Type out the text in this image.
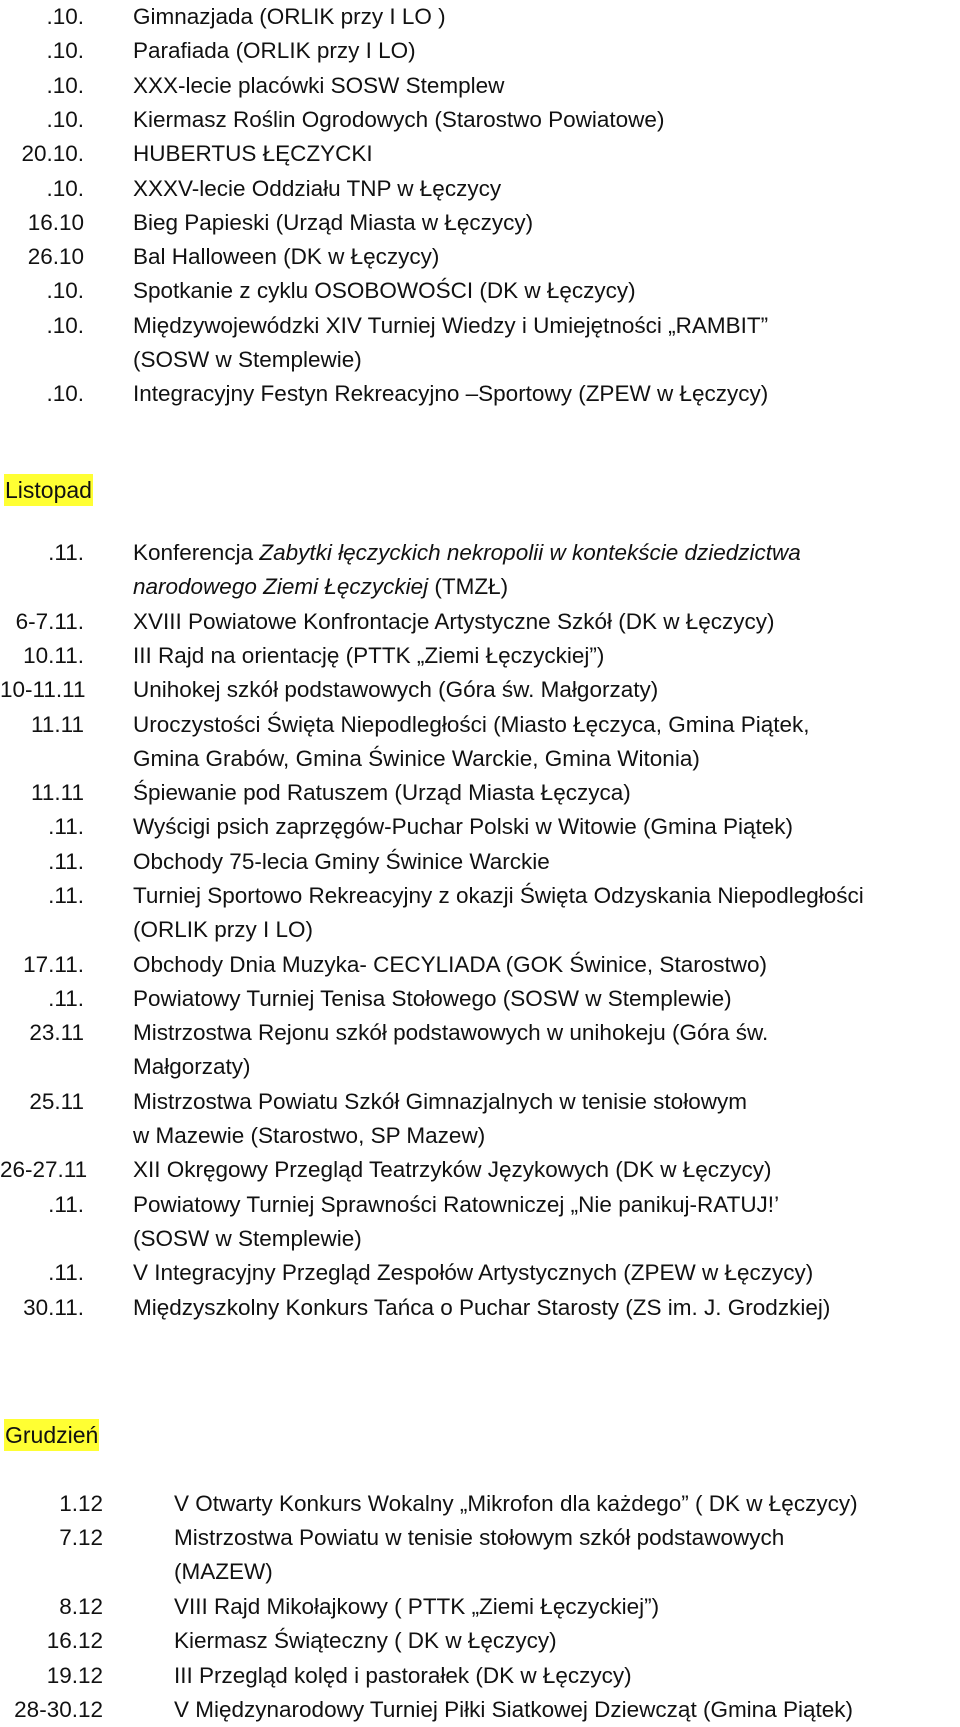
.10. Gimnazjada (ORLIK przy I LO )
.10. Parafiada (ORLIK przy I LO)
.10. XXX-lecie placówki SOSW Stemplew
.10. Kiermasz Roślin Ogrodowych (Starostwo Powiatowe)
20.10. HUBERTUS ŁĘCZYCKI
.10. XXXV-lecie Oddziału TNP w Łęczycy
16.10 Bieg Papieski (Urząd Miasta w Łęczycy)
26.10 Bal Halloween (DK w Łęczycy)
.10. Spotkanie z cyklu OSOBOWOŚCI (DK w Łęczycy)
.10. Międzywojewódzki XIV Turniej Wiedzy i Umiejętności „RAMBIT”
(SOSW w Stemplewie)
.10. Integracyjny Festyn Rekreacyjno –Sportowy (ZPEW w Łęczycy)
Listopad
.11. Konferencja Zabytki łęczyckich nekropolii w kontekście dziedzictwa
narodowego Ziemi Łęczyckiej (TMZŁ)
6-7.11. XVIII Powiatowe Konfrontacje Artystyczne Szkół (DK w Łęczycy)
10.11. III Rajd na orientację (PTTK „Ziemi Łęczyckiej”)
10-11.11 Unihokej szkół podstawowych (Góra św. Małgorzaty)
11.11 Uroczystości Święta Niepodległości (Miasto Łęczyca, Gmina Piątek,
Gmina Grabów, Gmina Świnice Warckie, Gmina Witonia)
11.11 Śpiewanie pod Ratuszem (Urząd Miasta Łęczyca)
.11. Wyścigi psich zaprzęgów-Puchar Polski w Witowie (Gmina Piątek)
.11. Obchody 75-lecia Gminy Świnice Warckie
.11. Turniej Sportowo Rekreacyjny z okazji Święta Odzyskania Niepodległości
(ORLIK przy I LO)
17.11. Obchody Dnia Muzyka- CECYLIADA (GOK Świnice, Starostwo)
.11. Powiatowy Turniej Tenisa Stołowego (SOSW w Stemplewie)
23.11 Mistrzostwa Rejonu szkół podstawowych w unihokeju (Góra św.
Małgorzaty)
25.11 Mistrzostwa Powiatu Szkół Gimnazjalnych w tenisie stołowym
w Mazewie (Starostwo, SP Mazew)
26-27.11 XII Okręgowy Przegląd Teatrzyków Językowych (DK w Łęczycy)
.11. Powiatowy Turniej Sprawności Ratowniczej „Nie panikuj-RATUJ!’
(SOSW w Stemplewie)
.11. V Integracyjny Przegląd Zespołów Artystycznych (ZPEW w Łęczycy)
30.11. Międzyszkolny Konkurs Tańca o Puchar Starosty (ZS im. J. Grodzkiej)
Grudzień
1.12	V Otwarty Konkurs Wokalny „Mikrofon dla każdego” ( DK w Łęczycy)
7.12	Mistrzostwa Powiatu w tenisie stołowym szkół podstawowych
(MAZEW)
8.12	VIII Rajd Mikołajkowy ( PTTK „Ziemi Łęczyckiej”)
16.12	Kiermasz Świąteczny ( DK w Łęczycy)
19.12	III Przegląd kolęd i pastorałek (DK w Łęczycy)
28-30.12	V Międzynarodowy Turniej Piłki Siatkowej Dziewcząt (Gmina Piątek)
